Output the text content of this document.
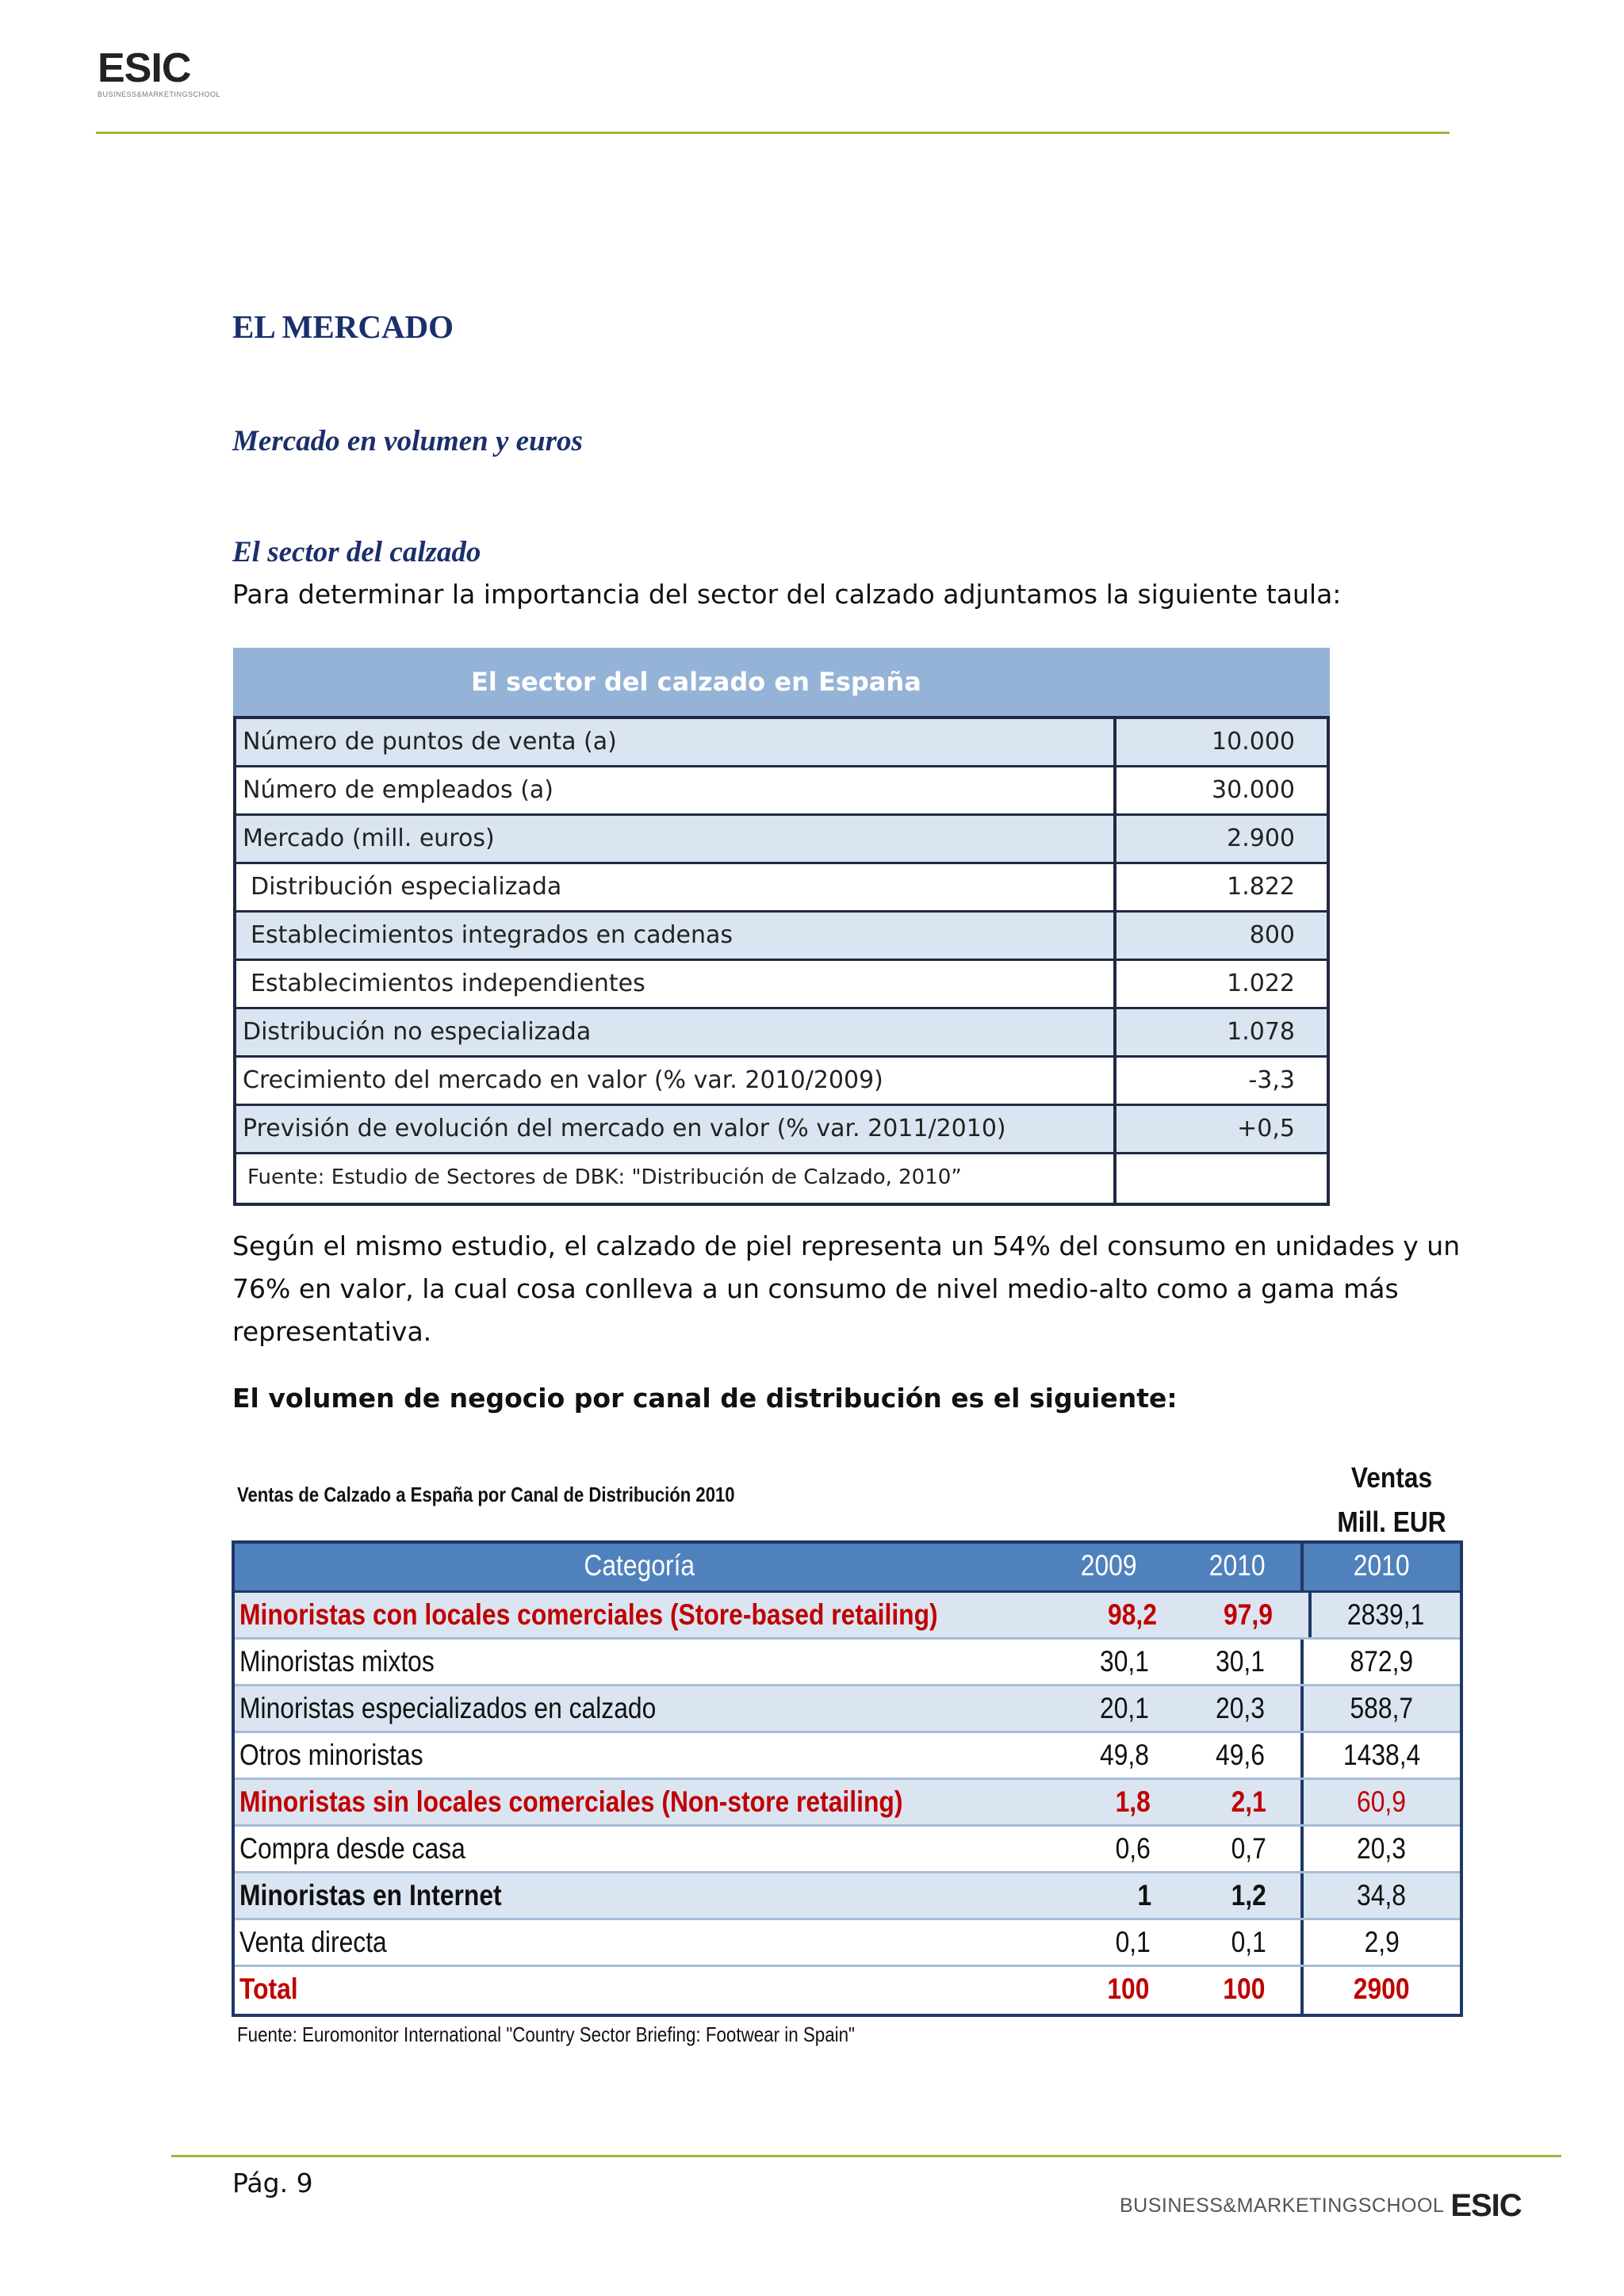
ESIC
BUSINESS&MARKETINGSCHOOL
EL MERCADO
Mercado en volumen y euros
El sector del calzado
Para determinar la importancia del sector del calzado adjuntamos la siguiente taula:
El sector del calzado en España
Número de puntos de venta (a)	10.000
Número de empleados (a)	30.000
Mercado (mill. euros)	2.900
Distribución especializada	1.822
Establecimientos integrados en cadenas	800
Establecimientos independientes	1.022
Distribución no especializada	1.078
Crecimiento del mercado en valor (% var. 2010/2009)	-3,3
Previsión de evolución del mercado en valor (% var. 2011/2010)	+0,5
Fuente: Estudio de Sectores de DBK: "Distribución de Calzado, 2010”
Según el mismo estudio, el calzado de piel representa un 54% del consumo en unidades y un
76% en valor, la cual cosa conlleva a un consumo de nivel medio-alto como a gama más
representativa.
El volumen de negocio por canal de distribución es el siguiente:
Ventas de Calzado a España por Canal de Distribución 2010
Ventas
Mill. EUR
Categoría	2009	2010	2010
Minoristas con locales comerciales (Store-based retailing)	98,2	97,9	2839,1
Minoristas mixtos	30,1	30,1	872,9
Minoristas especializados en calzado	20,1	20,3	588,7
Otros minoristas	49,8	49,6	1438,4
Minoristas sin locales comerciales (Non-store retailing)	1,8	2,1	60,9
Compra desde casa	0,6	0,7	20,3
Minoristas en Internet	1	1,2	34,8
Venta directa	0,1	0,1	2,9
Total	100	100	2900
Fuente: Euromonitor International "Country Sector Briefing: Footwear in Spain"
Pág. 9
BUSINESS&MARKETINGSCHOOL ESIC
